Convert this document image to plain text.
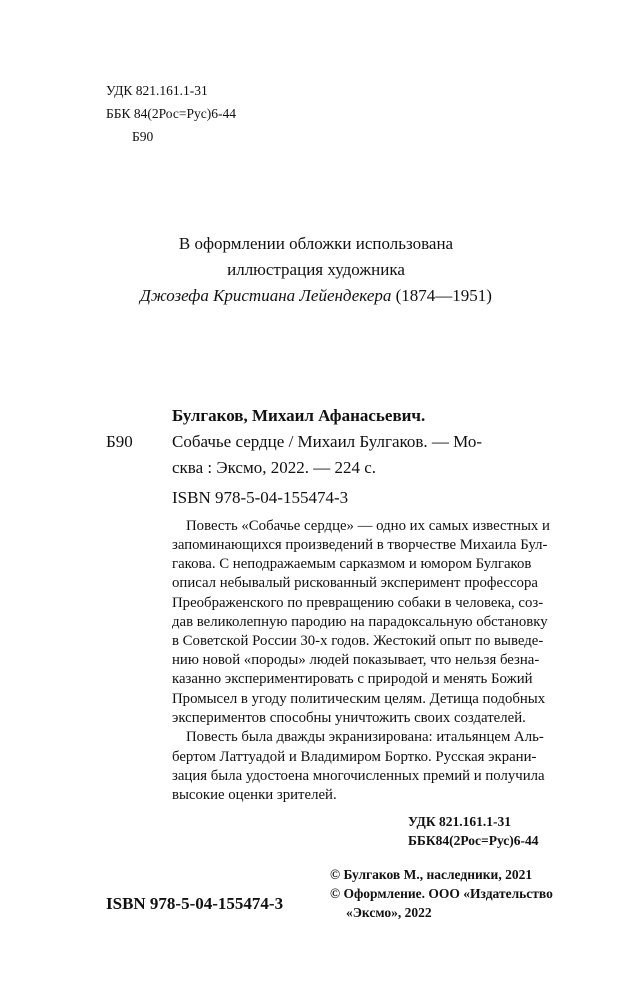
УДК 821.161.1-31
ББК 84(2Рос=Рус)6-44
Б90
В оформлении обложки использована
иллюстрация художника
Джозефа Кристиана Лейендекера (1874—1951)
Булгаков, Михаил Афанасьевич.
Б90 Собачье сердце / Михаил Булгаков. — Мо-
сква : Эксмо, 2022. — 224 с.
ISBN 978-5-04-155474-3
Повесть «Собачье сердце» — одно их самых известных и
запоминающихся произведений в творчестве Михаила Бул-
гакова. С неподражаемым сарказмом и юмором Булгаков
описал небывалый рискованный эксперимент профессора
Преображенского по превращению собаки в человека, соз-
дав великолепную пародию на парадоксальную обстановку
в Советской России 30-х годов. Жестокий опыт по выведе-
нию новой «породы» людей показывает, что нельзя безна-
казанно экспериментировать с природой и менять Божий
Промысел в угоду политическим целям. Детища подобных
экспериментов способны уничтожить своих создателей.
Повесть была дважды экранизирована: итальянцем Аль-
бертом Латтуадой и Владимиром Бортко. Русская экрани-
зация была удостоена многочисленных премий и получила
высокие оценки зрителей.
УДК 821.161.1-31
ББК84(2Рос=Рус)6-44
ISBN 978-5-04-155474-3
© Булгаков М., наследники, 2021
© Оформление. ООО «Издательство
«Эксмо», 2022
